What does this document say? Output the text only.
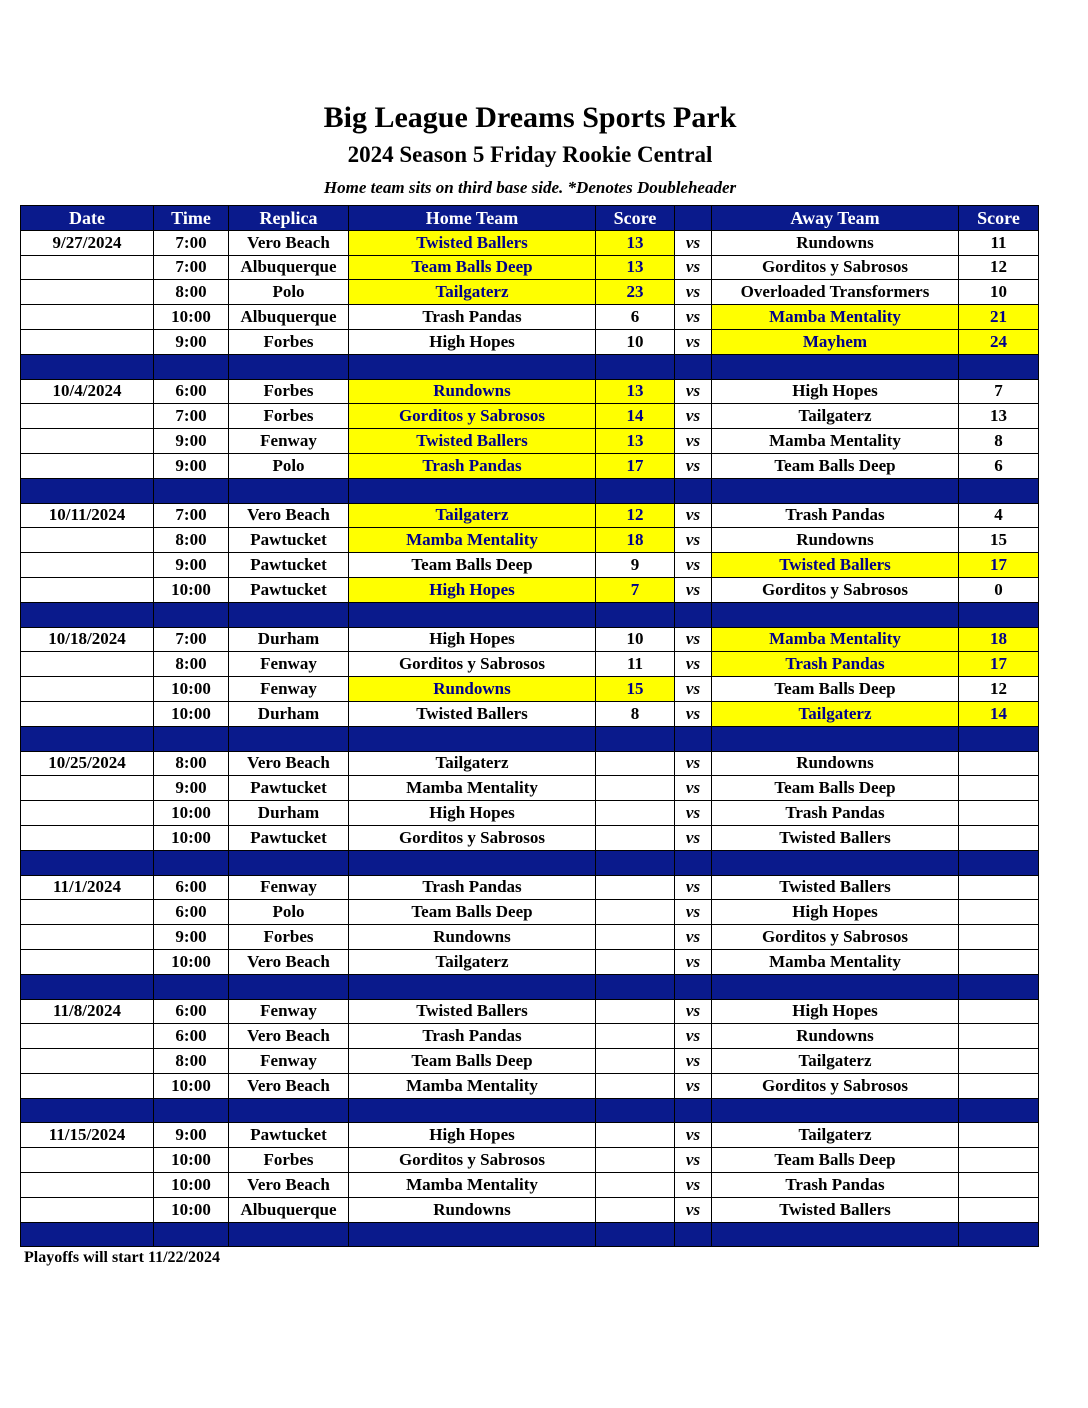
Big League Dreams Sports Park
2024 Season 5 Friday Rookie Central
Home team sits on third base side. *Denotes Doubleheader
Date	Time	Replica	Home Team	Score		Away Team	Score
9/27/2024	7:00	Vero Beach	Twisted Ballers	13	vs	Rundowns	11
	7:00	Albuquerque	Team Balls Deep	13	vs	Gorditos y Sabrosos	12
	8:00	Polo	Tailgaterz	23	vs	Overloaded Transformers	10
	10:00	Albuquerque	Trash Pandas	6	vs	Mamba Mentality	21
	9:00	Forbes	High Hopes	10	vs	Mayhem	24

10/4/2024	6:00	Forbes	Rundowns	13	vs	High Hopes	7
	7:00	Forbes	Gorditos y Sabrosos	14	vs	Tailgaterz	13
	9:00	Fenway	Twisted Ballers	13	vs	Mamba Mentality	8
	9:00	Polo	Trash Pandas	17	vs	Team Balls Deep	6

10/11/2024	7:00	Vero Beach	Tailgaterz	12	vs	Trash Pandas	4
	8:00	Pawtucket	Mamba Mentality	18	vs	Rundowns	15
	9:00	Pawtucket	Team Balls Deep	9	vs	Twisted Ballers	17
	10:00	Pawtucket	High Hopes	7	vs	Gorditos y Sabrosos	0

10/18/2024	7:00	Durham	High Hopes	10	vs	Mamba Mentality	18
	8:00	Fenway	Gorditos y Sabrosos	11	vs	Trash Pandas	17
	10:00	Fenway	Rundowns	15	vs	Team Balls Deep	12
	10:00	Durham	Twisted Ballers	8	vs	Tailgaterz	14

10/25/2024	8:00	Vero Beach	Tailgaterz		vs	Rundowns	
	9:00	Pawtucket	Mamba Mentality		vs	Team Balls Deep	
	10:00	Durham	High Hopes		vs	Trash Pandas	
	10:00	Pawtucket	Gorditos y Sabrosos		vs	Twisted Ballers	

11/1/2024	6:00	Fenway	Trash Pandas		vs	Twisted Ballers	
	6:00	Polo	Team Balls Deep		vs	High Hopes	
	9:00	Forbes	Rundowns		vs	Gorditos y Sabrosos	
	10:00	Vero Beach	Tailgaterz		vs	Mamba Mentality	

11/8/2024	6:00	Fenway	Twisted Ballers		vs	High Hopes	
	6:00	Vero Beach	Trash Pandas		vs	Rundowns	
	8:00	Fenway	Team Balls Deep		vs	Tailgaterz	
	10:00	Vero Beach	Mamba Mentality		vs	Gorditos y Sabrosos	

11/15/2024	9:00	Pawtucket	High Hopes		vs	Tailgaterz	
	10:00	Forbes	Gorditos y Sabrosos		vs	Team Balls Deep	
	10:00	Vero Beach	Mamba Mentality		vs	Trash Pandas	
	10:00	Albuquerque	Rundowns		vs	Twisted Ballers	

Playoffs will start 11/22/2024
